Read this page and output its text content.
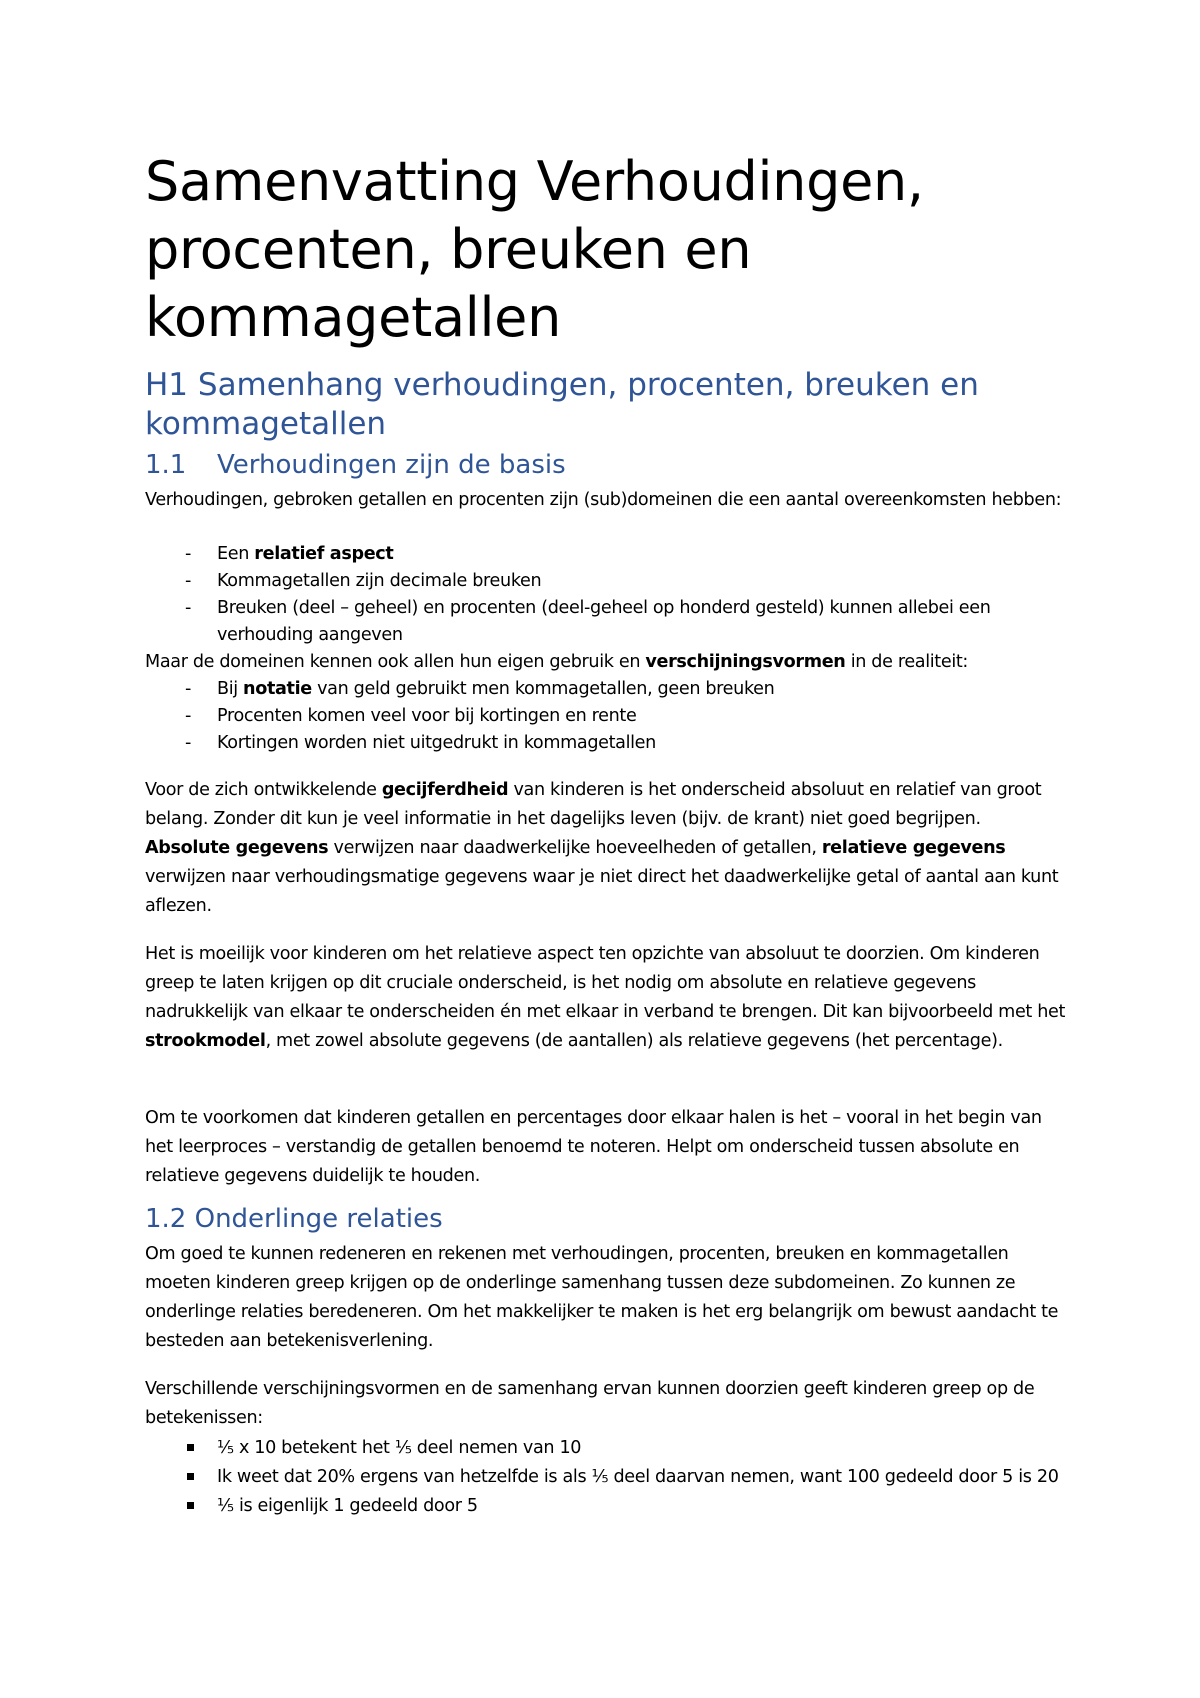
Samenvatting Verhoudingen, procenten, breuken en kommagetallen
H1 Samenhang verhoudingen, procenten, breuken en kommagetallen
1.1 Verhoudingen zijn de basis

Verhoudingen, gebroken getallen en procenten zijn (sub)domeinen die een aantal overeenkomsten hebben:

-	Een relatief aspect
-	Kommagetallen zijn decimale breuken
-	Breuken (deel – geheel) en procenten (deel-geheel op honderd gesteld) kunnen allebei een verhouding aangeven

Maar de domeinen kennen ook allen hun eigen gebruik en verschijningsvormen in de realiteit:

-	Bij notatie van geld gebruikt men kommagetallen, geen breuken
-	Procenten komen veel voor bij kortingen en rente
-	Kortingen worden niet uitgedrukt in kommagetallen

Voor de zich ontwikkelende gecijferdheid van kinderen is het onderscheid absoluut en relatief van groot belang. Zonder dit kun je veel informatie in het dagelijks leven (bijv. de krant) niet goed begrijpen. Absolute gegevens verwijzen naar daadwerkelijke hoeveelheden of getallen, relatieve gegevens verwijzen naar verhoudingsmatige gegevens waar je niet direct het daadwerkelijke getal of aantal aan kunt aflezen.

Het is moeilijk voor kinderen om het relatieve aspect ten opzichte van absoluut te doorzien. Om kinderen greep te laten krijgen op dit cruciale onderscheid, is het nodig om absolute en relatieve gegevens nadrukkelijk van elkaar te onderscheiden én met elkaar in verband te brengen. Dit kan bijvoorbeeld met het strookmodel, met zowel absolute gegevens (de aantallen) als relatieve gegevens (het percentage).

Om te voorkomen dat kinderen getallen en percentages door elkaar halen is het – vooral in het begin van het leerproces – verstandig de getallen benoemd te noteren. Helpt om onderscheid tussen absolute en relatieve gegevens duidelijk te houden.

1.2 Onderlinge relaties

Om goed te kunnen redeneren en rekenen met verhoudingen, procenten, breuken en kommagetallen moeten kinderen greep krijgen op de onderlinge samenhang tussen deze subdomeinen. Zo kunnen ze onderlinge relaties beredeneren. Om het makkelijker te maken is het erg belangrijk om bewust aandacht te besteden aan betekenisverlening.

Verschillende verschijningsvormen en de samenhang ervan kunnen doorzien geeft kinderen greep op de betekenissen:

⅕ x 10 betekent het ⅕ deel nemen van 10
Ik weet dat 20% ergens van hetzelfde is als ⅕ deel daarvan nemen, want 100 gedeeld door 5 is 20
⅕ is eigenlijk 1 gedeeld door 5
